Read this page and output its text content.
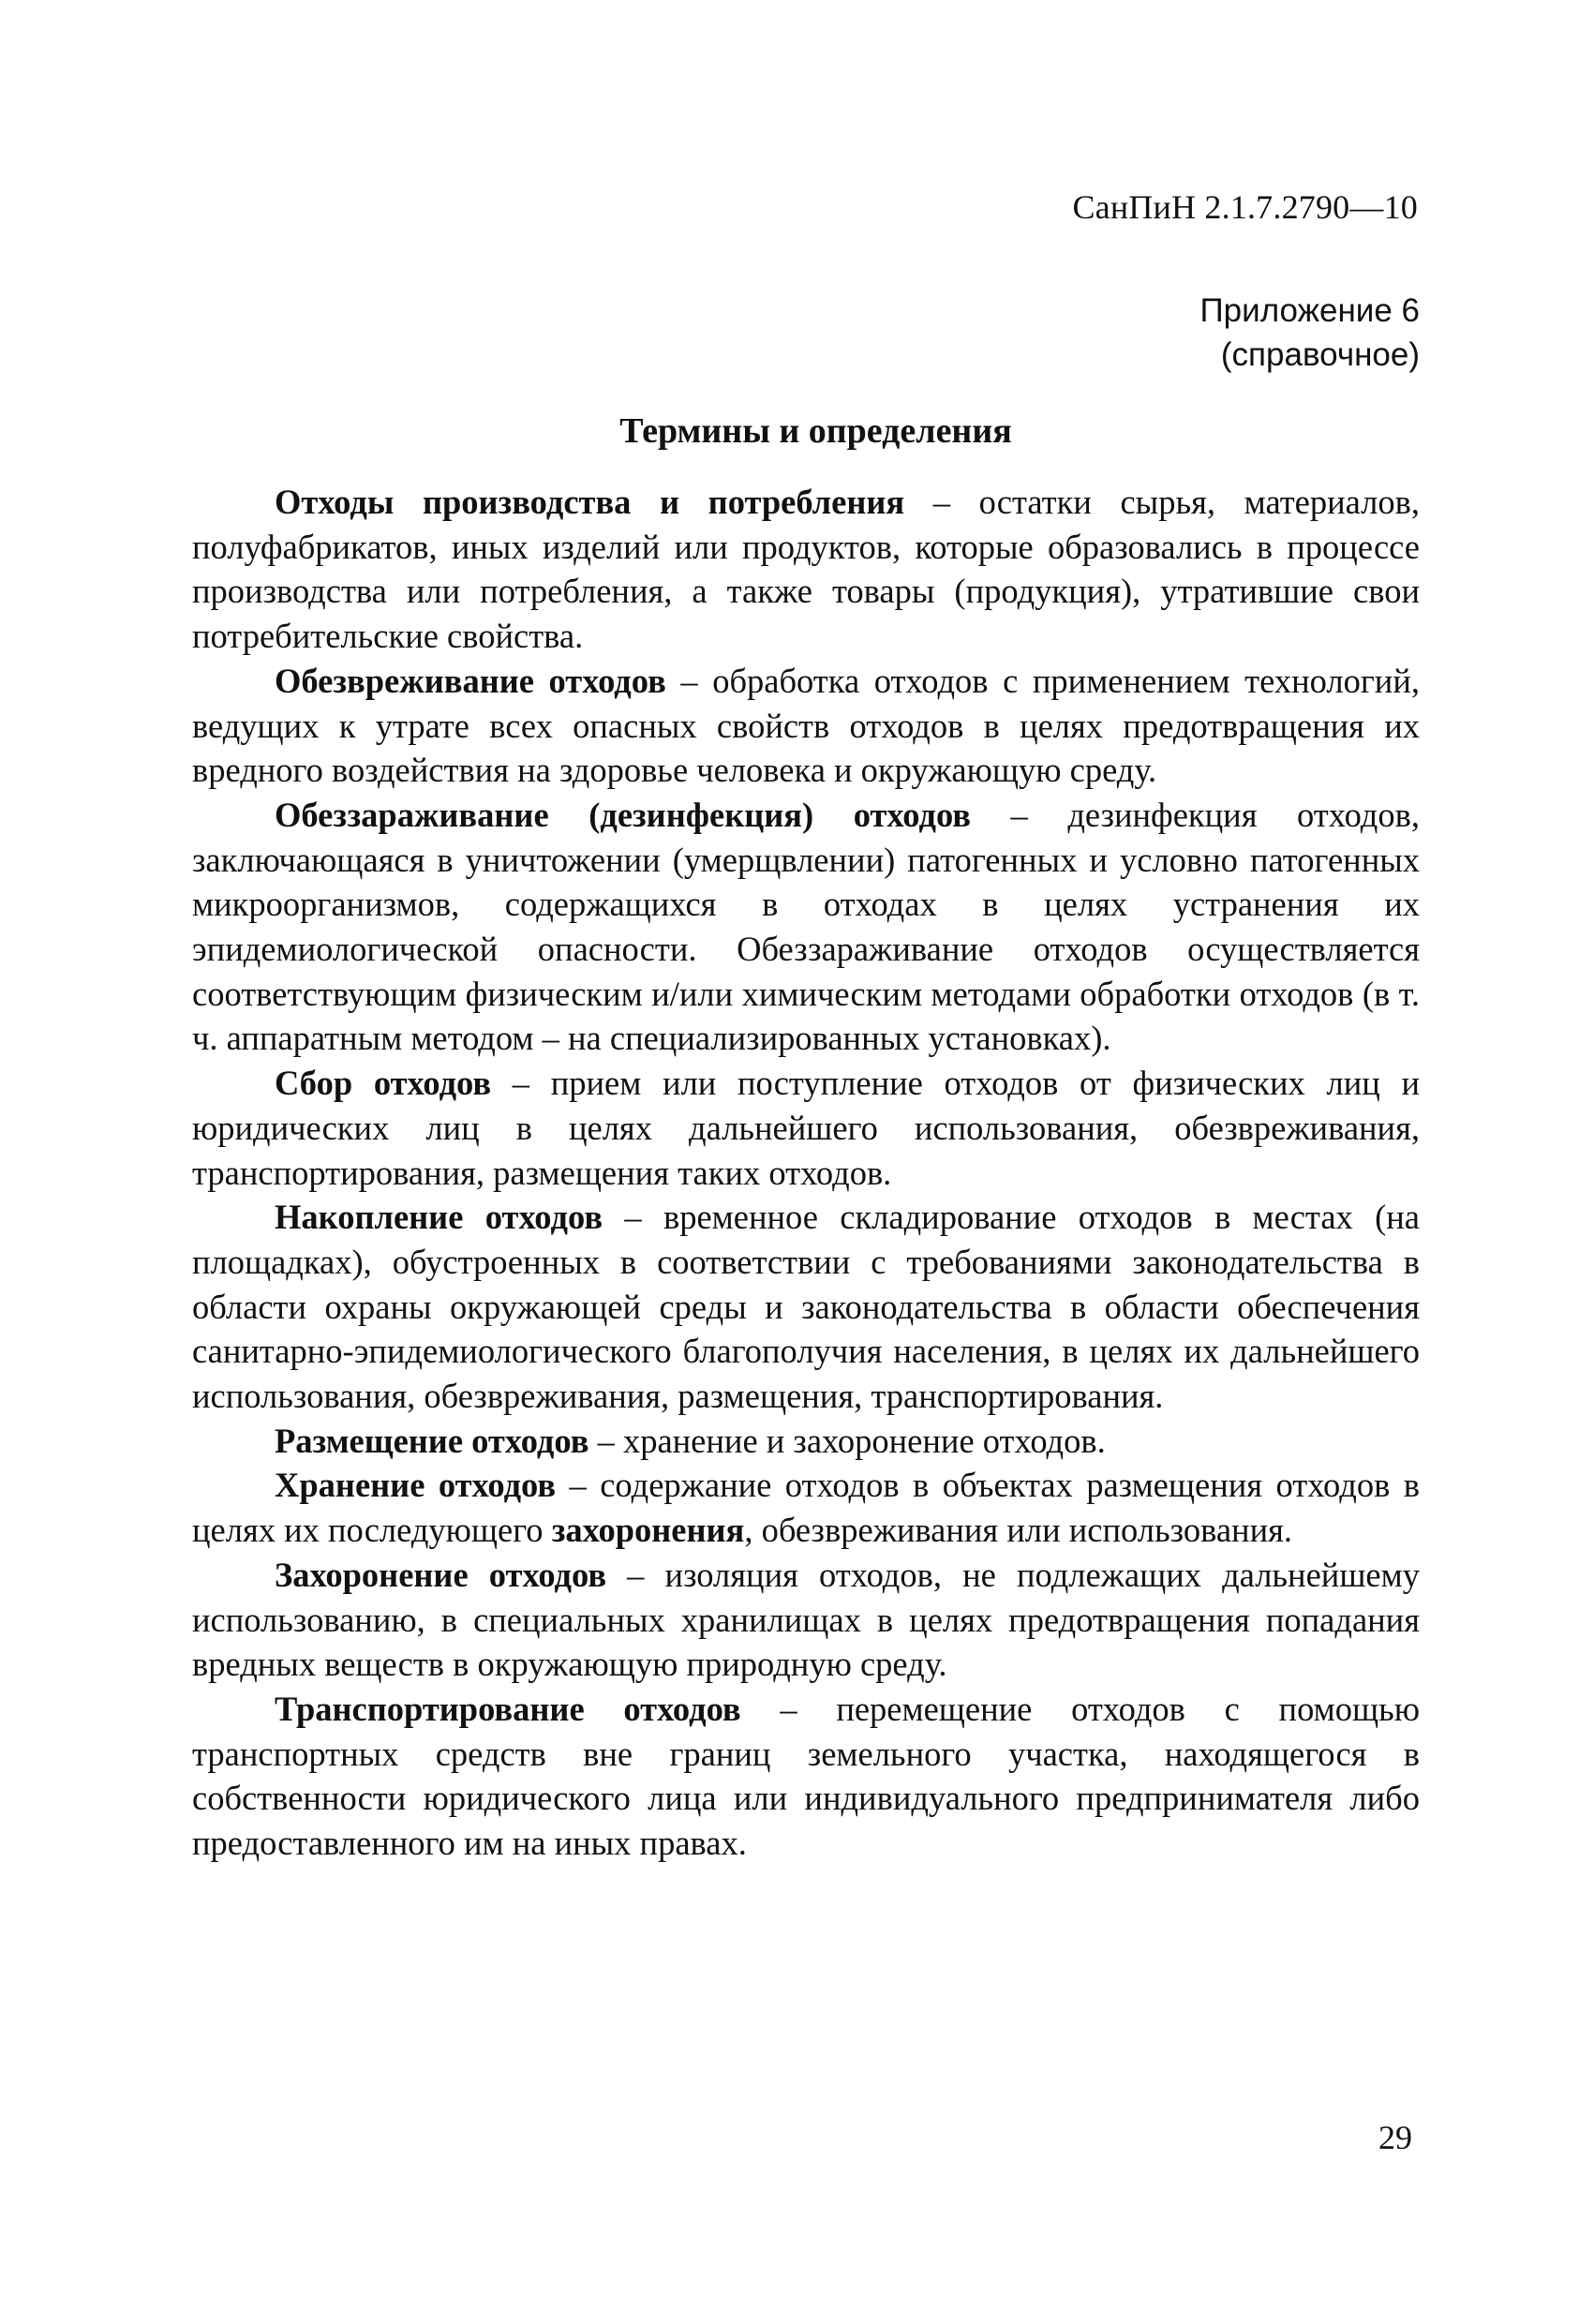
СанПиН 2.1.7.2790—10
Приложение 6
(справочное)
Термины и определения

Отходы производства и потребления – остатки сырья, материалов, полуфабрикатов, иных изделий или продуктов, которые образовались в процессе производства или потребления, а также товары (продукция), утратившие свои потребительские свойства.

Обезвреживание отходов – обработка отходов с применением технологий, ведущих к утрате всех опасных свойств отходов в целях предотвращения их вредного воздействия на здоровье человека и окружающую среду.

Обеззараживание (дезинфекция) отходов – дезинфекция отходов, заключающаяся в уничтожении (умерщвлении) патогенных и условно патогенных микроорганизмов, содержащихся в отходах в целях устранения их эпидемиологической опасности. Обеззараживание отходов осуществляется соответствующим физическим и/или химическим методами обработки отходов (в т. ч. аппаратным методом – на специализированных установках).

Сбор отходов – прием или поступление отходов от физических лиц и юридических лиц в целях дальнейшего использования, обезвреживания, транспортирования, размещения таких отходов.

Накопление отходов – временное складирование отходов в местах (на площадках), обустроенных в соответствии с требованиями законодательства в области охраны окружающей среды и законодательства в области обеспечения санитарно-эпидемиологического благополучия населения, в целях их дальнейшего использования, обезвреживания, размещения, транспортирования.

Размещение отходов – хранение и захоронение отходов.

Хранение отходов – содержание отходов в объектах размещения отходов в целях их последующего захоронения, обезвреживания или использования.

Захоронение отходов – изоляция отходов, не подлежащих дальнейшему использованию, в специальных хранилищах в целях предотвращения попадания вредных веществ в окружающую природную среду.

Транспортирование отходов – перемещение отходов с помощью транспортных средств вне границ земельного участка, находящегося в собственности юридического лица или индивидуального предпринимателя либо предоставленного им на иных правах.

29
